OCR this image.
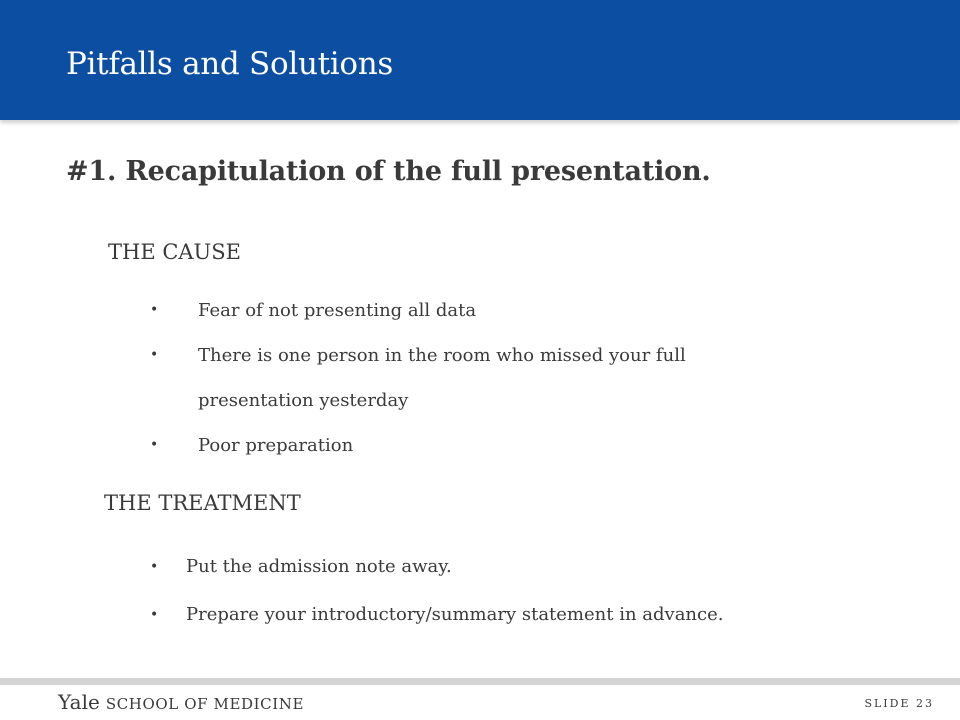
Pitfalls and Solutions
#1. Recapitulation of the full presentation.
THE CAUSE
• Fear of not presenting all data
• There is one person in the room who missed your full presentation yesterday
• Poor preparation
THE TREATMENT
• Put the admission note away.
• Prepare your introductory/summary statement in advance.
Yale SCHOOL OF MEDICINE	SLIDE 23
